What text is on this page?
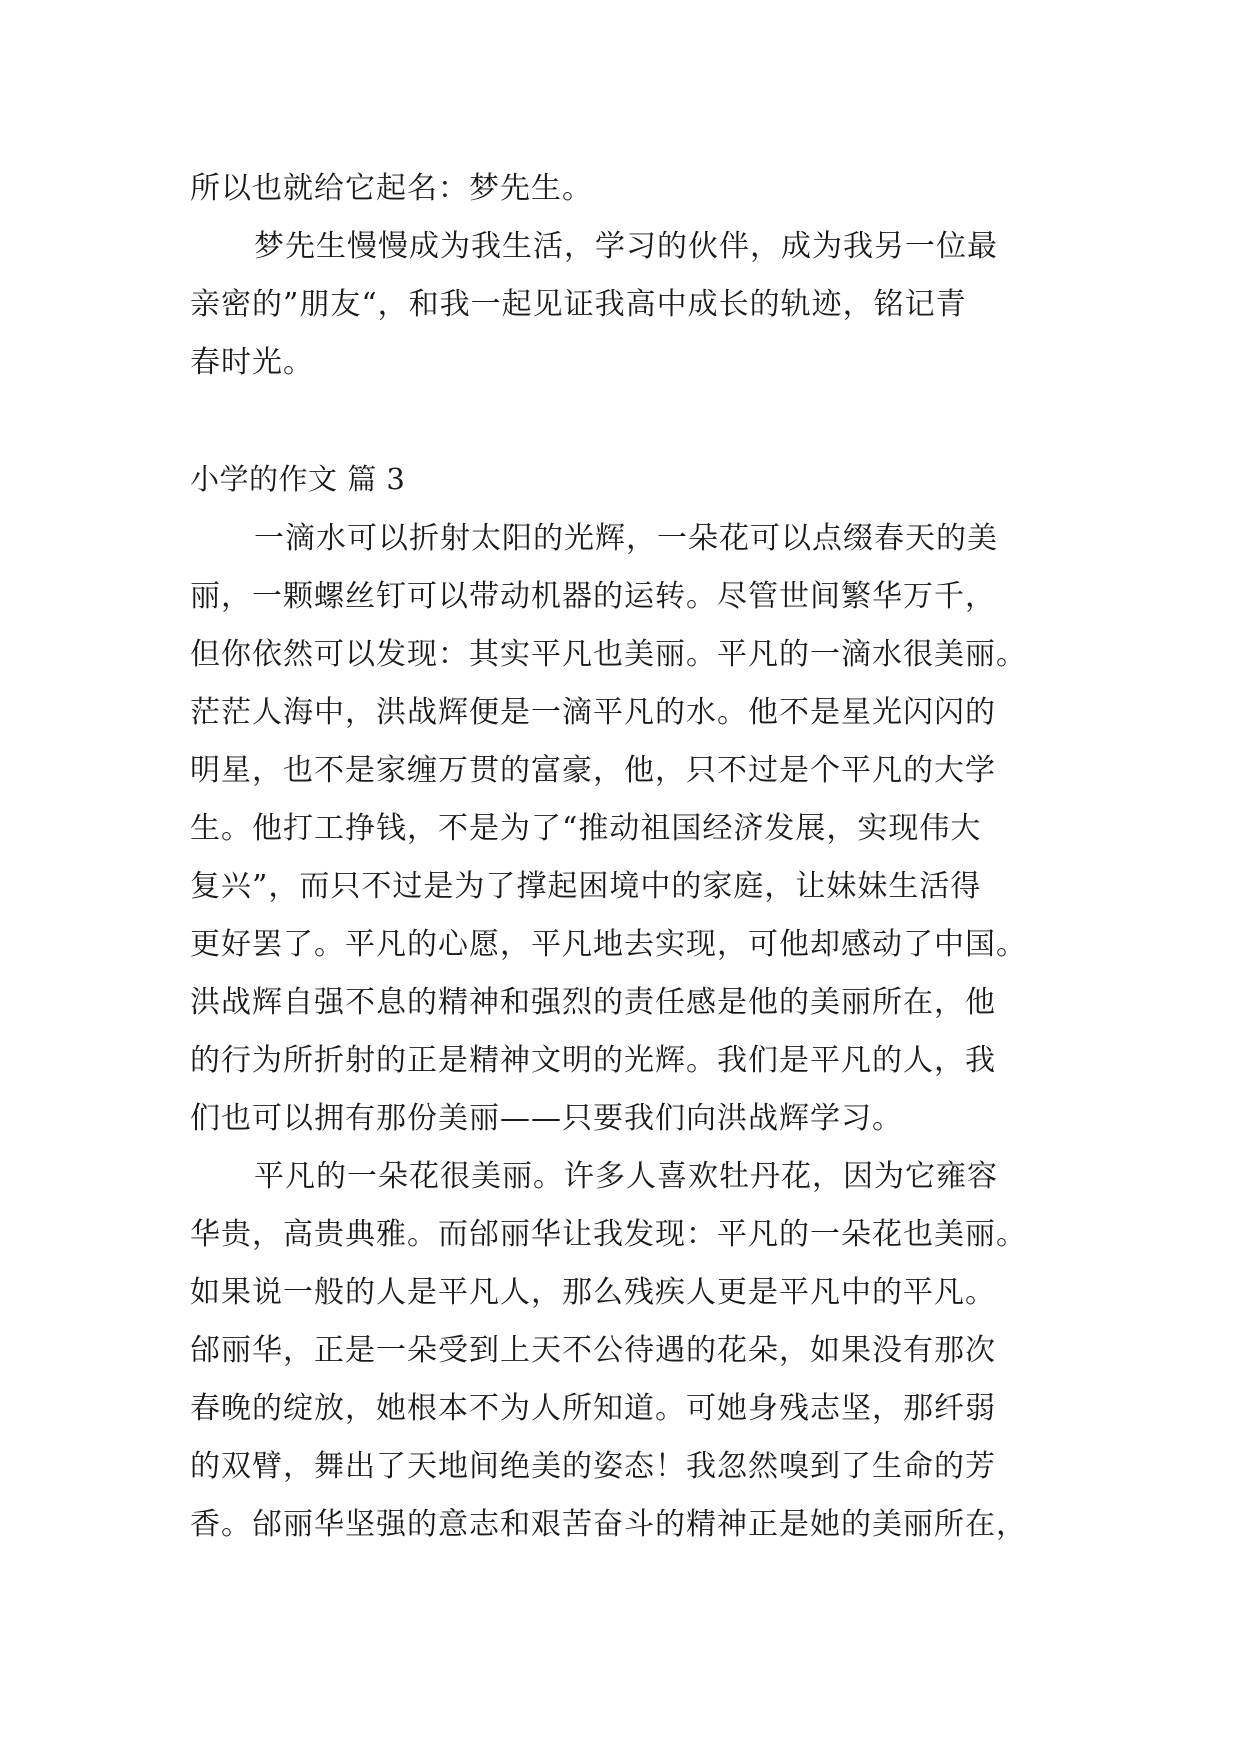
所以也就给它起名：梦先生。
梦先生慢慢成为我生活，学习的伙伴，成为我另一位最
亲密的”朋友“，和我一起见证我高中成长的轨迹，铭记青
春时光。
小学的作文 篇 3
一滴水可以折射太阳的光辉，一朵花可以点缀春天的美
丽，一颗螺丝钉可以带动机器的运转。尽管世间繁华万千，
但你依然可以发现：其实平凡也美丽。平凡的一滴水很美丽。
茫茫人海中，洪战辉便是一滴平凡的水。他不是星光闪闪的
明星，也不是家缠万贯的富豪，他，只不过是个平凡的大学
生。他打工挣钱，不是为了“推动祖国经济发展，实现伟大
复兴”，而只不过是为了撑起困境中的家庭，让妹妹生活得
更好罢了。平凡的心愿，平凡地去实现，可他却感动了中国。
洪战辉自强不息的精神和强烈的责任感是他的美丽所在，他
的行为所折射的正是精神文明的光辉。我们是平凡的人，我
们也可以拥有那份美丽——只要我们向洪战辉学习。
平凡的一朵花很美丽。许多人喜欢牡丹花，因为它雍容
华贵，高贵典雅。而邰丽华让我发现：平凡的一朵花也美丽。
如果说一般的人是平凡人，那么残疾人更是平凡中的平凡。
邰丽华，正是一朵受到上天不公待遇的花朵，如果没有那次
春晚的绽放，她根本不为人所知道。可她身残志坚，那纤弱
的双臂，舞出了天地间绝美的姿态！我忽然嗅到了生命的芳
香。邰丽华坚强的意志和艰苦奋斗的精神正是她的美丽所在，
